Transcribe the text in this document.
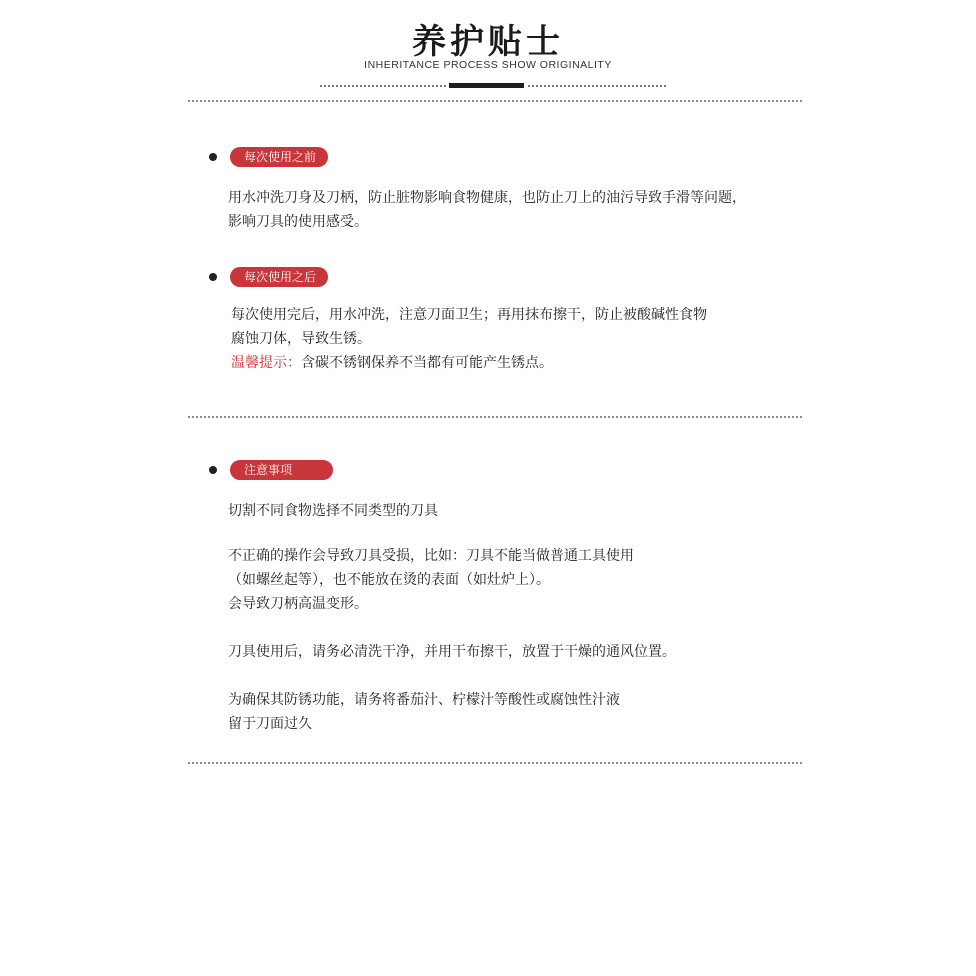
养护贴士
INHERITANCE PROCESS SHOW ORIGINALITY
每次使用之前
用水冲洗刀身及刀柄，防止脏物影响食物健康，也防止刀上的油污导致手滑等问题，
影响刀具的使用感受。
每次使用之后
每次使用完后，用水冲洗，注意刀面卫生；再用抹布擦干，防止被酸碱性食物
腐蚀刀体，导致生锈。
温馨提示：含碳不锈钢保养不当都有可能产生锈点。
注意事项
切割不同食物选择不同类型的刀具
不正确的操作会导致刀具受损，比如：刀具不能当做普通工具使用
（如螺丝起等），也不能放在烫的表面（如灶炉上）。
会导致刀柄高温变形。
刀具使用后，请务必清洗干净，并用干布擦干，放置于干燥的通风位置。
为确保其防锈功能，请务将番茄汁、柠檬汁等酸性或腐蚀性汁液
留于刀面过久
